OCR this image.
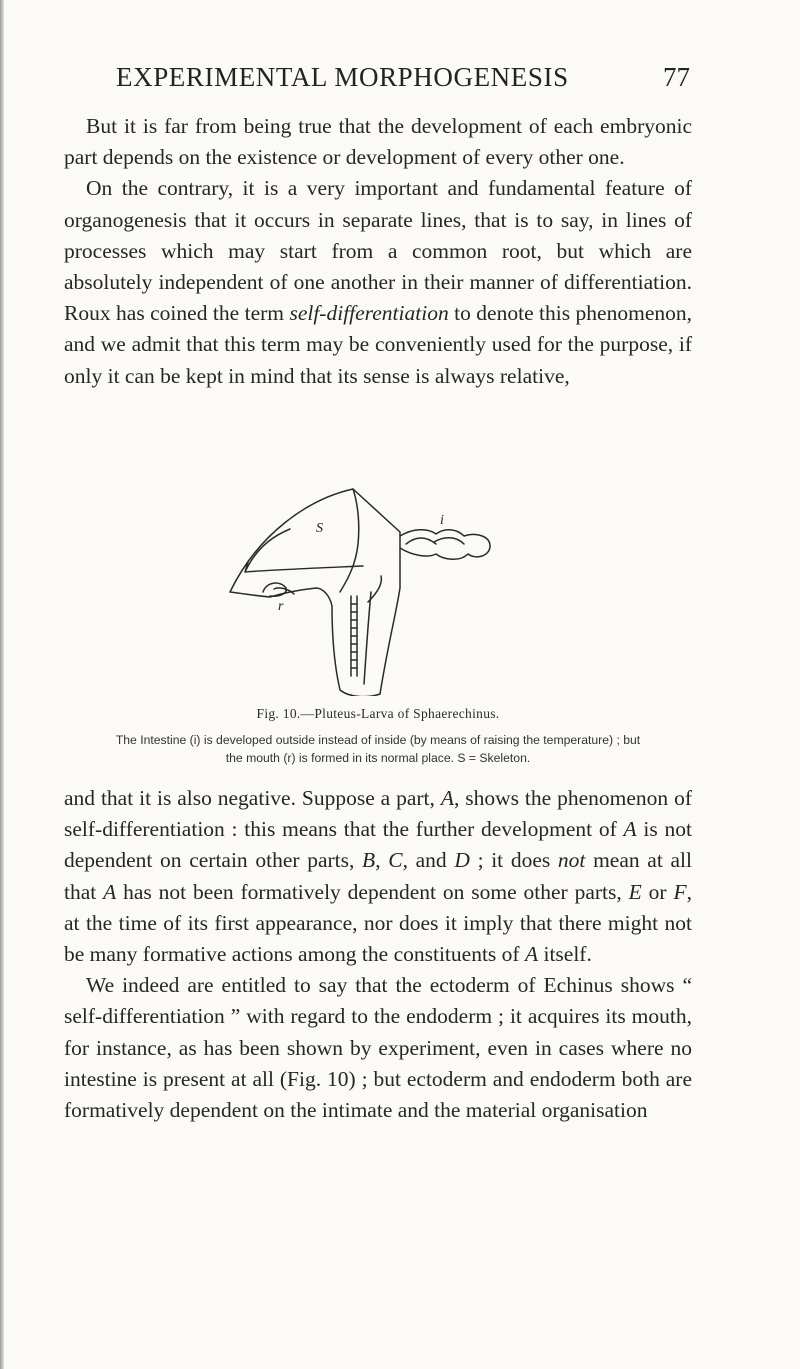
EXPERIMENTAL MORPHOGENESIS	77

But it is far from being true that the development of each embryonic part depends on the existence or development of every other one.

On the contrary, it is a very important and fundamental feature of organogenesis that it occurs in separate lines, that is to say, in lines of processes which may start from a common root, but which are absolutely independent of one another in their manner of differentiation. Roux has coined the term self-differentiation to denote this phenomenon, and we admit that this term may be conveniently used for the purpose, if only it can be kept in mind that its sense is always relative,

S
i
r
Fig. 10.—Pluteus-Larva of Sphaerechinus.
The Intestine (i) is developed outside instead of inside (by means of raising the temperature) ; but
the mouth (r) is formed in its normal place. S = Skeleton.

and that it is also negative. Suppose a part, A, shows the phenomenon of self-differentiation : this means that the further development of A is not dependent on certain other parts, B, C, and D ; it does not mean at all that A has not been formatively dependent on some other parts, E or F, at the time of its first appearance, nor does it imply that there might not be many formative actions among the constituents of A itself.

We indeed are entitled to say that the ectoderm of Echinus shows “ self-differentiation ” with regard to the endoderm ; it acquires its mouth, for instance, as has been shown by experiment, even in cases where no intestine is present at all (Fig. 10) ; but ectoderm and endoderm both are formatively dependent on the intimate and the material organisation
